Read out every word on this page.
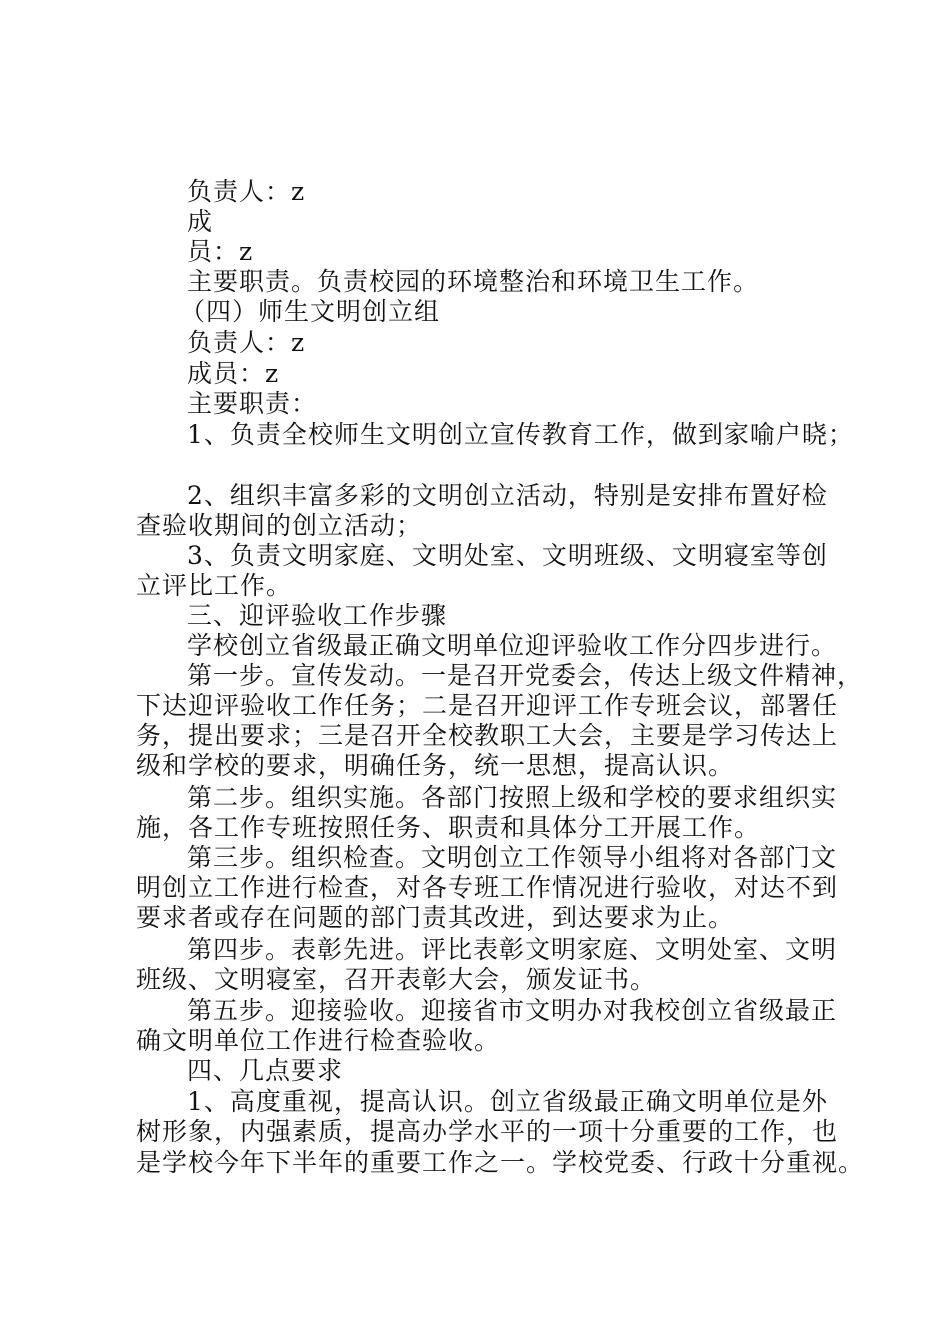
负责人：z
成
员：z
主要职责。负责校园的环境整治和环境卫生工作。
（四）师生文明创立组
负责人：z
成员：z
主要职责：
1、负责全校师生文明创立宣传教育工作，做到家喻户晓；
2、组织丰富多彩的文明创立活动，特别是安排布置好检
查验收期间的创立活动；
3、负责文明家庭、文明处室、文明班级、文明寝室等创
立评比工作。
三、迎评验收工作步骤
学校创立省级最正确文明单位迎评验收工作分四步进行。
第一步。宣传发动。一是召开党委会，传达上级文件精神，
下达迎评验收工作任务；二是召开迎评工作专班会议，部署任
务，提出要求；三是召开全校教职工大会，主要是学习传达上
级和学校的要求，明确任务，统一思想，提高认识。
第二步。组织实施。各部门按照上级和学校的要求组织实
施，各工作专班按照任务、职责和具体分工开展工作。
第三步。组织检查。文明创立工作领导小组将对各部门文
明创立工作进行检查，对各专班工作情况进行验收，对达不到
要求者或存在问题的部门责其改进，到达要求为止。
第四步。表彰先进。评比表彰文明家庭、文明处室、文明
班级、文明寝室，召开表彰大会，颁发证书。
第五步。迎接验收。迎接省市文明办对我校创立省级最正
确文明单位工作进行检查验收。
四、几点要求
1、高度重视，提高认识。创立省级最正确文明单位是外
树形象，内强素质，提高办学水平的一项十分重要的工作，也
是学校今年下半年的重要工作之一。学校党委、行政十分重视。
